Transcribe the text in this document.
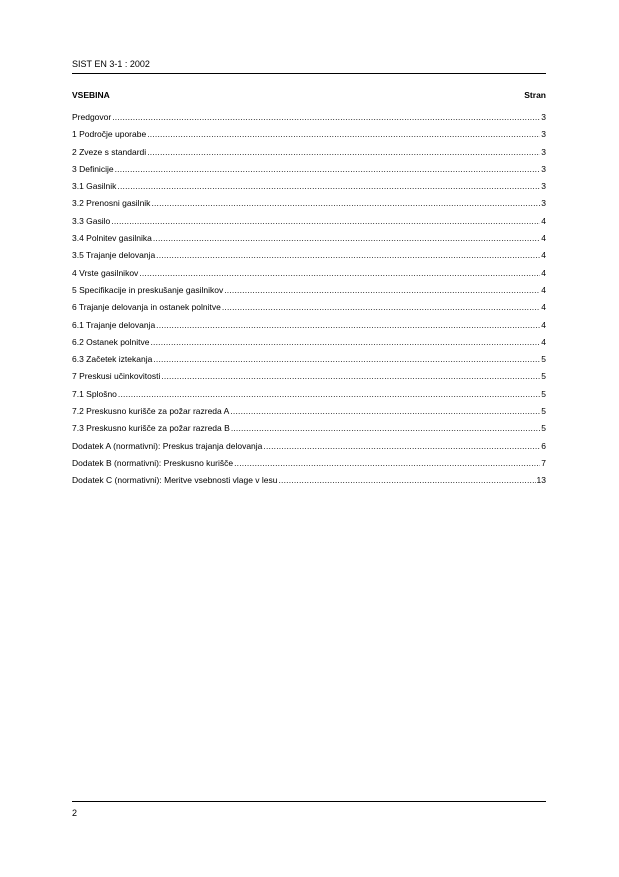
SIST EN 3-1 : 2002
VSEBINA	Stran
Predgovor .....	3
1 Področje uporabe .....	3
2 Zveze s standardi .....	3
3 Definicije .....	3
3.1 Gasilnik .....	3
3.2 Prenosni gasilnik .....	3
3.3 Gasilo .....	4
3.4 Polnitev gasilnika .....	4
3.5 Trajanje delovanja .....	4
4 Vrste gasilnikov .....	4
5 Specifikacije in preskušanje gasilnikov .....	4
6 Trajanje delovanja in ostanek polnitve .....	4
6.1 Trajanje delovanja .....	4
6.2 Ostanek polnitve .....	4
6.3 Začetek iztekanja .....	5
7 Preskusi učinkovitosti .....	5
7.1 Splošno .....	5
7.2 Preskusno kurišče za požar razreda A .....	5
7.3 Preskusno kurišče za požar razreda B .....	5
Dodatek A (normativni): Preskus trajanja delovanja .....	6
Dodatek B (normativni): Preskusno kurišče .....	7
Dodatek C (normativni): Meritve vsebnosti vlage v lesu .....	13
2
